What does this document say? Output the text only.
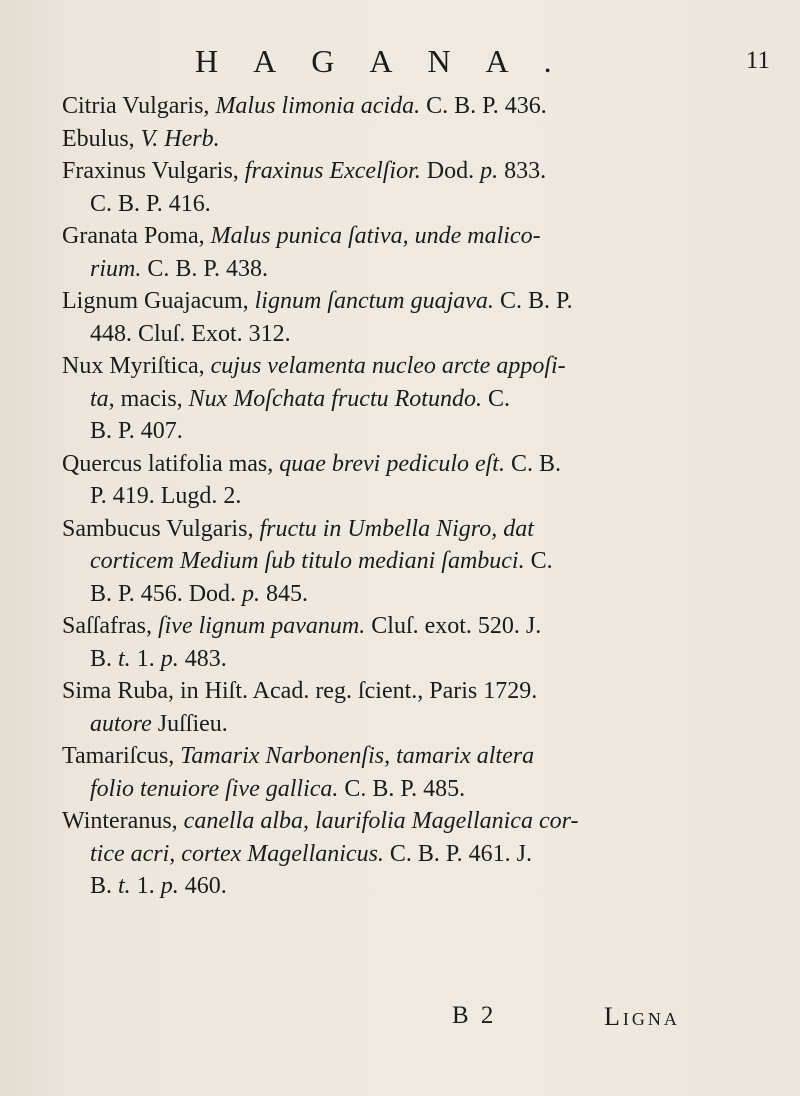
HAGANA.	11

Citria Vulgaris, Malus limonia acida. C. B. P. 436.

Ebulus, V. Herb.

Fraxinus Vulgaris, fraxinus Excelſior. Dod. p. 833.
C. B. P. 416.

Granata Poma, Malus punica ſativa, unde malico-
rium. C. B. P. 438.

Lignum Guajacum, lignum ſanctum guajava. C. B. P.
448. Cluſ. Exot. 312.

Nux Myriſtica, cujus velamenta nucleo arcte appoſi-
ta, macis, Nux Moſchata fructu Rotundo. C.
B. P. 407.

Quercus latifolia mas, quae brevi pediculo eſt. C. B.
P. 419. Lugd. 2.

Sambucus Vulgaris, fructu in Umbella Nigro, dat
corticem Medium ſub titulo mediani ſambuci. C.
B. P. 456. Dod. p. 845.

Saſſafras, ſive lignum pavanum. Cluſ. exot. 520. J.
B. t. 1. p. 483.

Sima Ruba, in Hiſt. Acad. reg. ſcient., Paris 1729.
autore Juſſieu.

Tamariſcus, Tamarix Narbonenſis, tamarix altera
folio tenuiore ſive gallica. C. B. P. 485.

Winteranus, canella alba, laurifolia Magellanica cor-
tice acri, cortex Magellanicus. C. B. P. 461. J.
B. t. 1. p. 460.

B 2	Ligna
